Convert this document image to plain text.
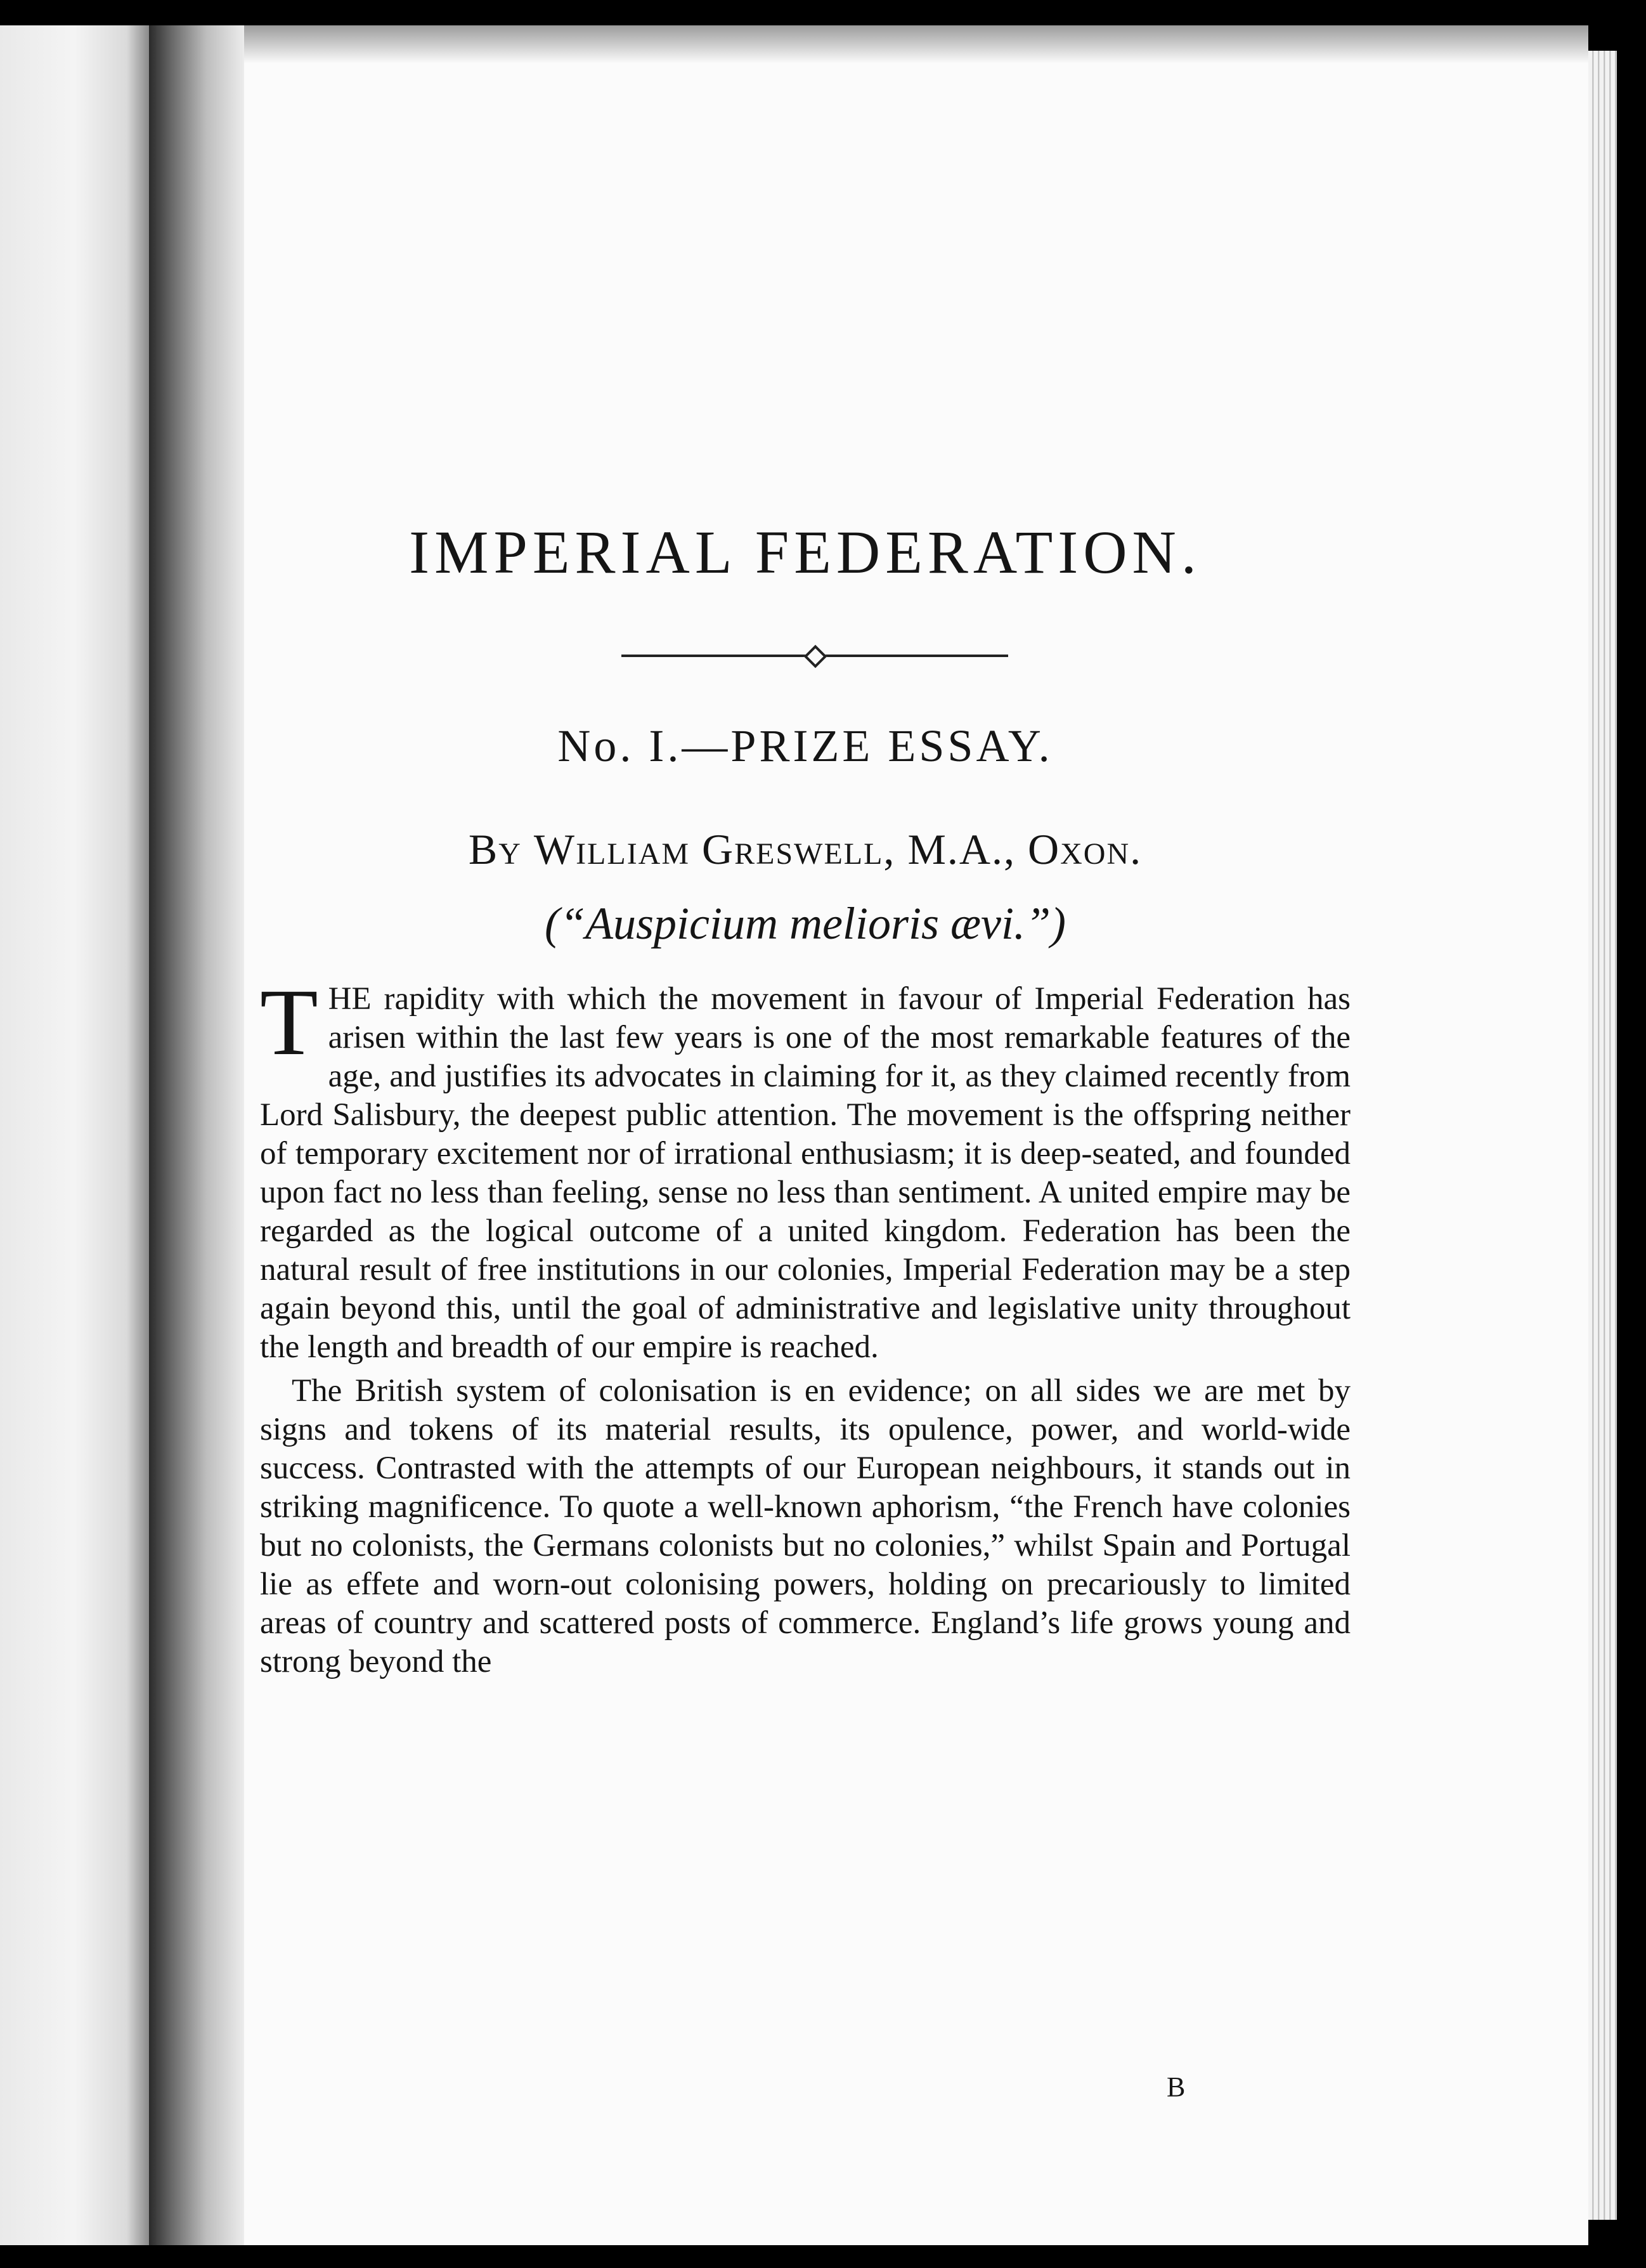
IMPERIAL FEDERATION.
No. I.—PRIZE ESSAY.
By William Greswell, M.A., Oxon.
(“Auspicium melioris ævi.”)

T HE rapidity with which the movement in favour of Imperial Federation has arisen within the last few years is one of the most remarkable features of the age, and justifies its advocates in claiming for it, as they claimed recently from Lord Salisbury, the deepest public attention. The movement is the offspring neither of temporary excitement nor of irrational enthusiasm; it is deep-seated, and founded upon fact no less than feeling, sense no less than sentiment. A united empire may be regarded as the logical outcome of a united kingdom. Federation has been the natural result of free institutions in our colonies, Imperial Federation may be a step again beyond this, until the goal of administrative and legislative unity throughout the length and breadth of our empire is reached.

The British system of colonisation is en evidence; on all sides we are met by signs and tokens of its material results, its opulence, power, and world-wide success. Contrasted with the attempts of our European neighbours, it stands out in striking magnificence. To quote a well-known aphorism, “the French have colonies but no colonists, the Germans colonists but no colonies,” whilst Spain and Portugal lie as effete and worn-out colonising powers, holding on precariously to limited areas of country and scattered posts of commerce. England’s life grows young and strong beyond the

B
